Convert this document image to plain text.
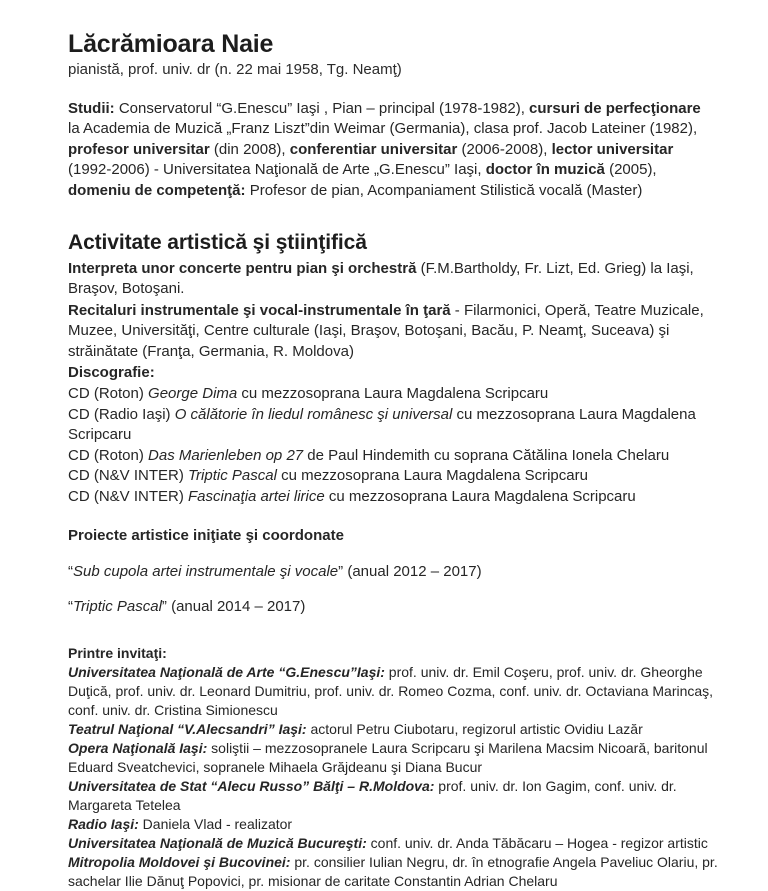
Lăcrămioara Naie

pianistă, prof. univ. dr (n. 22 mai 1958, Tg. Neamţ)

Studii: Conservatorul “G.Enescu” Iaşi , Pian – principal (1978-1982), cursuri de perfecţionare la Academia de Muzică „Franz Liszt”din Weimar (Germania), clasa prof. Jacob Lateiner (1982), profesor universitar (din 2008), conferentiar universitar (2006-2008), lector universitar (1992-2006) - Universitatea Naţională de Arte „G.Enescu” Iaşi, doctor în muzică (2005), domeniu de competenţă: Profesor de pian, Acompaniament Stilistică vocală (Master)

Activitate artistică şi ştiinţifică

Interpreta unor concerte pentru pian şi orchestră (F.M.Bartholdy, Fr. Lizt, Ed. Grieg) la Iaşi, Braşov, Botoşani.

Recitaluri instrumentale şi vocal-instrumentale în ţară - Filarmonici, Operă, Teatre Muzicale, Muzee, Universităţi, Centre culturale (Iaşi, Braşov, Botoşani, Bacău, P. Neamţ, Suceava) şi străinătate (Franţa, Germania, R. Moldova)

Discografie:

CD (Roton) George Dima cu mezzosoprana Laura Magdalena Scripcaru
CD (Radio Iaşi) O călătorie în liedul românesc şi universal cu mezzosoprana Laura Magdalena Scripcaru
CD (Roton) Das Marienleben op 27 de Paul Hindemith cu soprana Cătălina Ionela Chelaru
CD (N&V INTER) Triptic Pascal cu mezzosoprana Laura Magdalena Scripcaru
CD (N&V INTER) Fascinaţia artei lirice cu mezzosoprana Laura Magdalena Scripcaru

Proiecte artistice iniţiate şi coordonate

“Sub cupola artei instrumentale şi vocale” (anual 2012 – 2017)

“Triptic Pascal” (anual 2014 – 2017)

Printre invitaţi:

Universitatea Naţională de Arte “G.Enescu”Iaşi: prof. univ. dr. Emil Coşeru, prof. univ. dr. Gheorghe Duţică, prof. univ. dr. Leonard Dumitriu, prof. univ. dr. Romeo Cozma, conf. univ. dr. Octaviana Marincaş, conf. univ. dr. Cristina Simionescu
Teatrul Naţional “V.Alecsandri” Iaşi: actorul Petru Ciubotaru, regizorul artistic Ovidiu Lazăr
Opera Naţională Iaşi: soliştii – mezzosopranele Laura Scripcaru şi Marilena Macsim Nicoară, baritonul Eduard Sveatchevici, sopranele Mihaela Grăjdeanu şi Diana Bucur
Universitatea de Stat “Alecu Russo” Bălţi – R.Moldova: prof. univ. dr. Ion Gagim, conf. univ. dr. Margareta Tetelea
Radio Iaşi: Daniela Vlad - realizator
Universitatea Naţională de Muzică Bucureşti: conf. univ. dr. Anda Tăbăcaru – Hogea - regizor artistic
Mitropolia Moldovei şi Bucovinei: pr. consilier Iulian Negru, dr. în etnografie Angela Paveliuc Olariu, pr. sachelar Ilie Dănuţ Popovici, pr. misionar de caritate Constantin Adrian Chelaru
